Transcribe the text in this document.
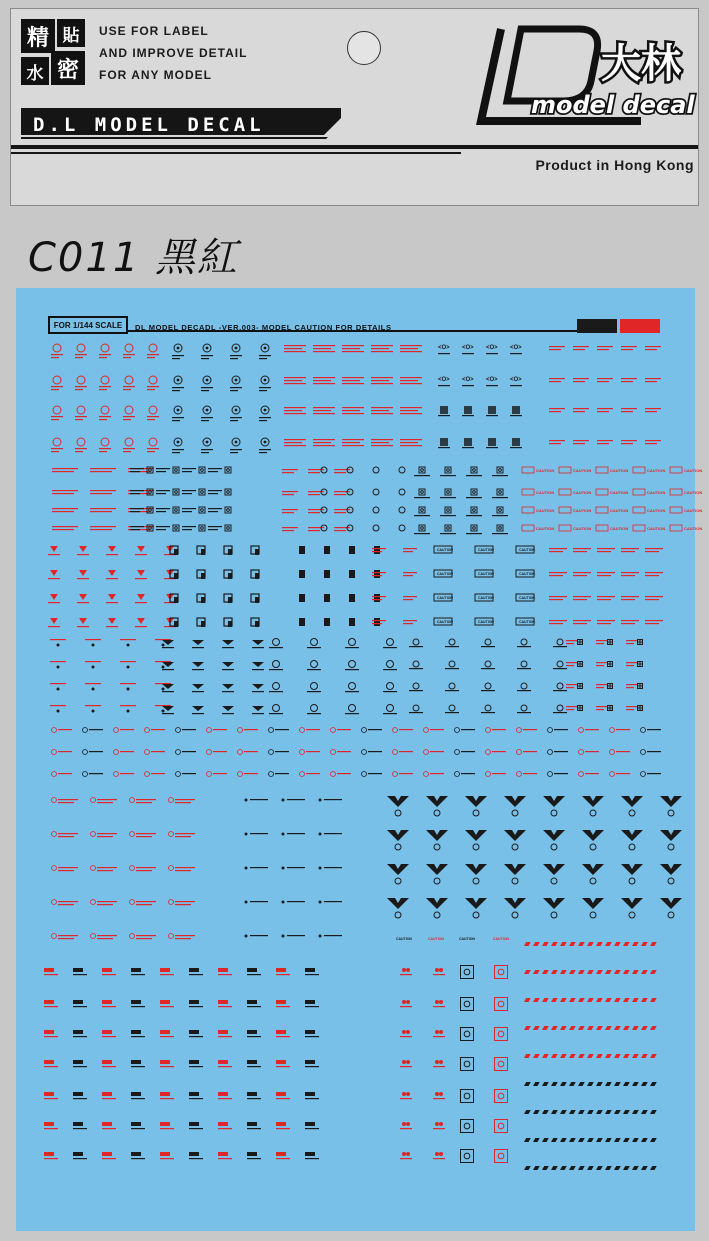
精 貼
水 密
USE FOR LABEL
AND IMPROVE DETAIL
FOR ANY MODEL
D.L MODEL DECAL
大林
model decal
Product in Hong Kong
C011 黑紅
FOR 1/144 SCALE	DL MODEL DECADL -VER.003- MODEL CAUTION FOR DETAILS
<O> <O> <O> <O>
<O> <O> <O> <O>
CAUTION	CAUTION	CAUTION	CAUTION	CAUTION
CAUTION	CAUTION	CAUTION	CAUTION	CAUTION
CAUTION	CAUTION	CAUTION	CAUTION	CAUTION
CAUTION	CAUTION	CAUTION	CAUTION	CAUTION
CAUTION	CAUTION	CAUTION
CAUTION	CAUTION	CAUTION
CAUTION	CAUTION	CAUTION
CAUTION	CAUTION	CAUTION
CAUTION	CAUTION	CAUTION	CAUTION
